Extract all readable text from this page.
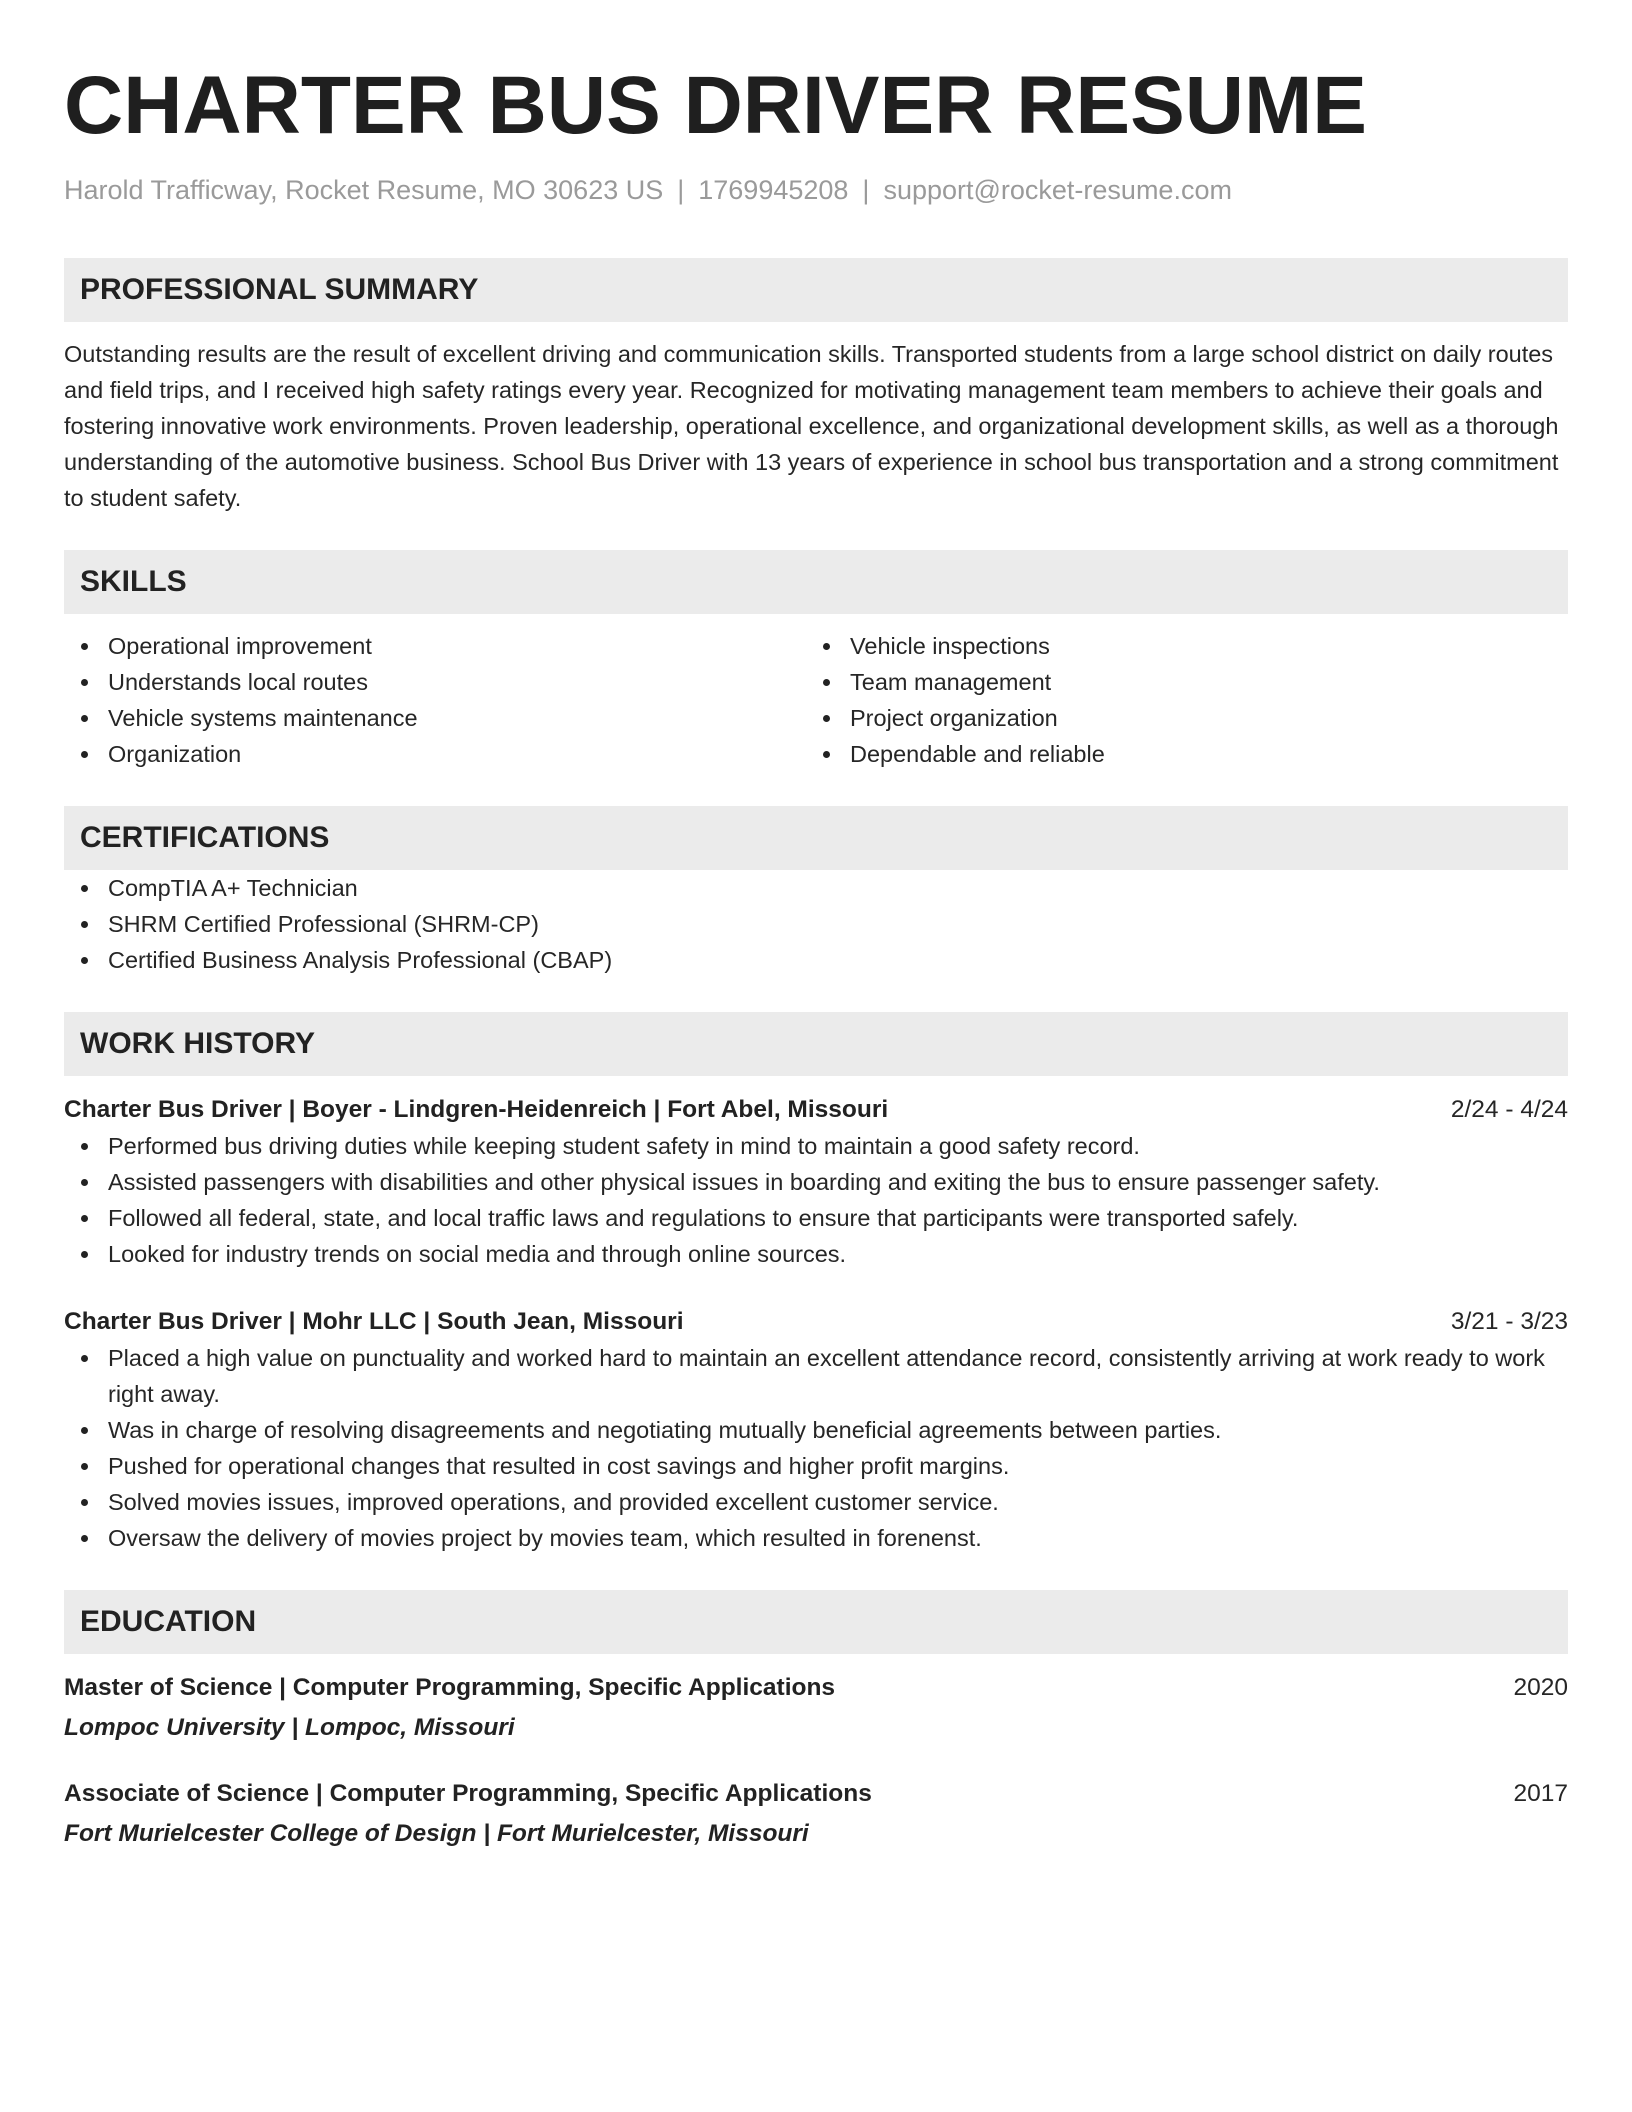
CHARTER BUS DRIVER RESUME
Harold Trafficway, Rocket Resume, MO 30623 US | 1769945208 | support@rocket-resume.com
PROFESSIONAL SUMMARY
Outstanding results are the result of excellent driving and communication skills. Transported students from a large school district on daily routes and field trips, and I received high safety ratings every year. Recognized for motivating management team members to achieve their goals and fostering innovative work environments. Proven leadership, operational excellence, and organizational development skills, as well as a thorough understanding of the automotive business. School Bus Driver with 13 years of experience in school bus transportation and a strong commitment to student safety.
SKILLS
Operational improvement
Understands local routes
Vehicle systems maintenance
Organization
Vehicle inspections
Team management
Project organization
Dependable and reliable
CERTIFICATIONS
CompTIA A+ Technician
SHRM Certified Professional (SHRM-CP)
Certified Business Analysis Professional (CBAP)
WORK HISTORY
Charter Bus Driver | Boyer - Lindgren-Heidenreich | Fort Abel, Missouri	2/24 - 4/24
Performed bus driving duties while keeping student safety in mind to maintain a good safety record.
Assisted passengers with disabilities and other physical issues in boarding and exiting the bus to ensure passenger safety.
Followed all federal, state, and local traffic laws and regulations to ensure that participants were transported safely.
Looked for industry trends on social media and through online sources.
Charter Bus Driver | Mohr LLC | South Jean, Missouri	3/21 - 3/23
Placed a high value on punctuality and worked hard to maintain an excellent attendance record, consistently arriving at work ready to work right away.
Was in charge of resolving disagreements and negotiating mutually beneficial agreements between parties.
Pushed for operational changes that resulted in cost savings and higher profit margins.
Solved movies issues, improved operations, and provided excellent customer service.
Oversaw the delivery of movies project by movies team, which resulted in forenenst.
EDUCATION
Master of Science | Computer Programming, Specific Applications	2020
Lompoc University | Lompoc, Missouri
Associate of Science | Computer Programming, Specific Applications	2017
Fort Murielcester College of Design | Fort Murielcester, Missouri
